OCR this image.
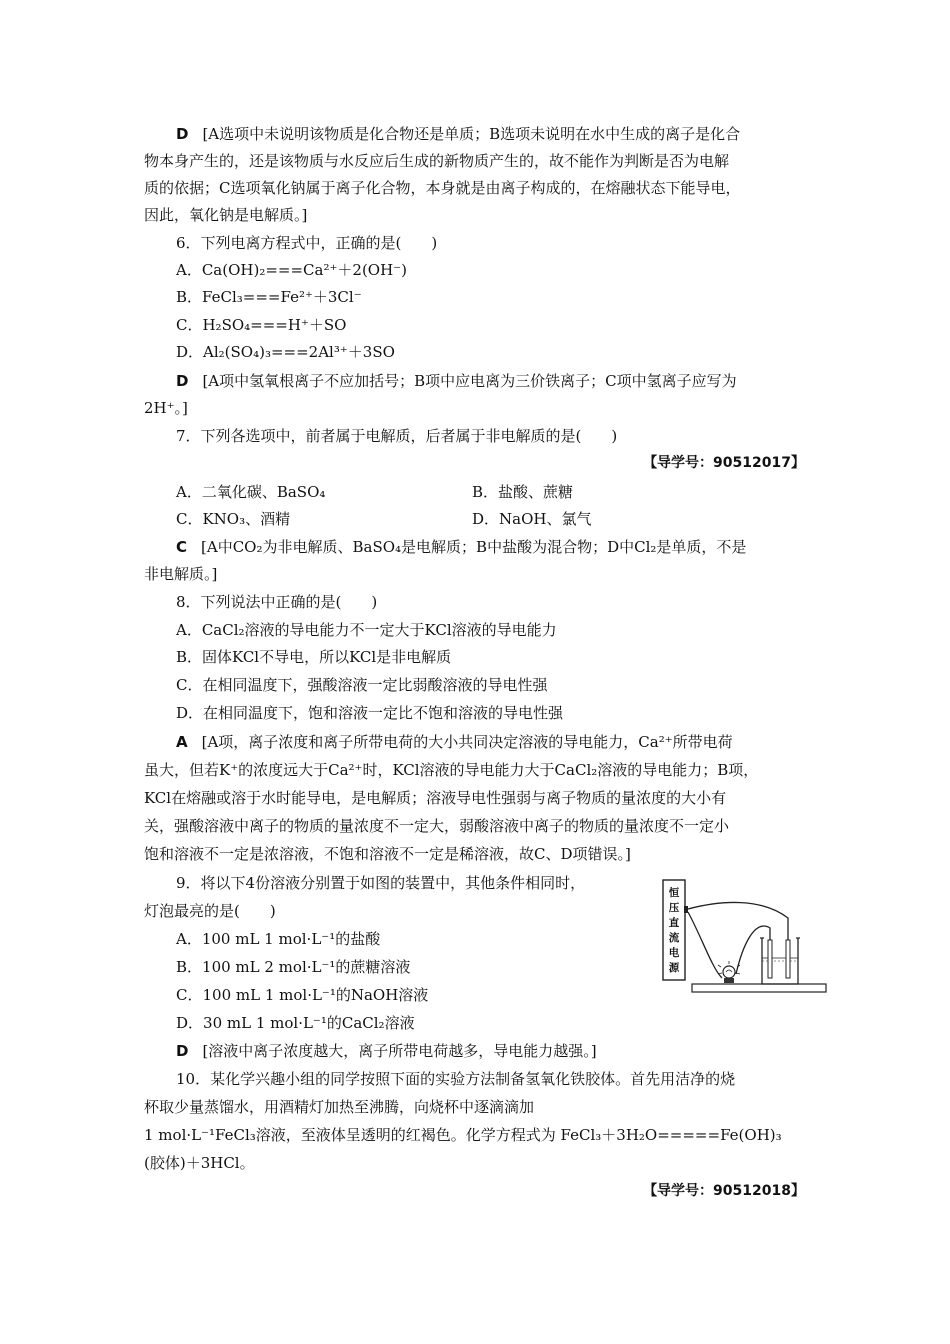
D [A选项中未说明该物质是化合物还是单质；B选项未说明在水中生成的离子是化合
物本身产生的，还是该物质与水反应后生成的新物质产生的，故不能作为判断是否为电解
质的依据；C选项氧化钠属于离子化合物，本身就是由离子构成的，在熔融状态下能导电，
因此，氧化钠是电解质。]
6．下列电离方程式中，正确的是(　　)
A．Ca(OH)₂===Ca²⁺＋2(OH⁻)
B．FeCl₃===Fe²⁺＋3Cl⁻
C．H₂SO₄===H⁺＋SO
D．Al₂(SO₄)₃===2Al³⁺＋3SO
D [A项中氢氧根离子不应加括号；B项中应电离为三价铁离子；C项中氢离子应写为
2H⁺。]
7．下列各选项中，前者属于电解质，后者属于非电解质的是(　　)
【导学号：90512017】
A．二氧化碳、BaSO₄	B．盐酸、蔗糖
C．KNO₃、酒精	D．NaOH、氯气
C [A中CO₂为非电解质、BaSO₄是电解质；B中盐酸为混合物；D中Cl₂是单质，不是
非电解质。]
8．下列说法中正确的是(　　)
A．CaCl₂溶液的导电能力不一定大于KCl溶液的导电能力
B．固体KCl不导电，所以KCl是非电解质
C．在相同温度下，强酸溶液一定比弱酸溶液的导电性强
D．在相同温度下，饱和溶液一定比不饱和溶液的导电性强
A [A项，离子浓度和离子所带电荷的大小共同决定溶液的导电能力，Ca²⁺所带电荷
虽大，但若K⁺的浓度远大于Ca²⁺时，KCl溶液的导电能力大于CaCl₂溶液的导电能力；B项，
KCl在熔融或溶于水时能导电，是电解质；溶液导电性强弱与离子物质的量浓度的大小有
关，强酸溶液中离子的物质的量浓度不一定大，弱酸溶液中离子的物质的量浓度不一定小
饱和溶液不一定是浓溶液，不饱和溶液不一定是稀溶液，故C、D项错误。]
9．将以下4份溶液分别置于如图的装置中，其他条件相同时，
灯泡最亮的是(　　)
A．100 mL 1 mol·L⁻¹的盐酸
B．100 mL 2 mol·L⁻¹的蔗糖溶液
C．100 mL 1 mol·L⁻¹的NaOH溶液
D．30 mL 1 mol·L⁻¹的CaCl₂溶液
D [溶液中离子浓度越大，离子所带电荷越多，导电能力越强。]
恒压直流电源
10．某化学兴趣小组的同学按照下面的实验方法制备氢氧化铁胶体。首先用洁净的烧
杯取少量蒸馏水，用酒精灯加热至沸腾，向烧杯中逐滴滴加
1 mol·L⁻¹FeCl₃溶液，至液体呈透明的红褐色。化学方程式为 FeCl₃＋3H₂O=====Fe(OH)₃
(胶体)＋3HCl。
【导学号：90512018】
